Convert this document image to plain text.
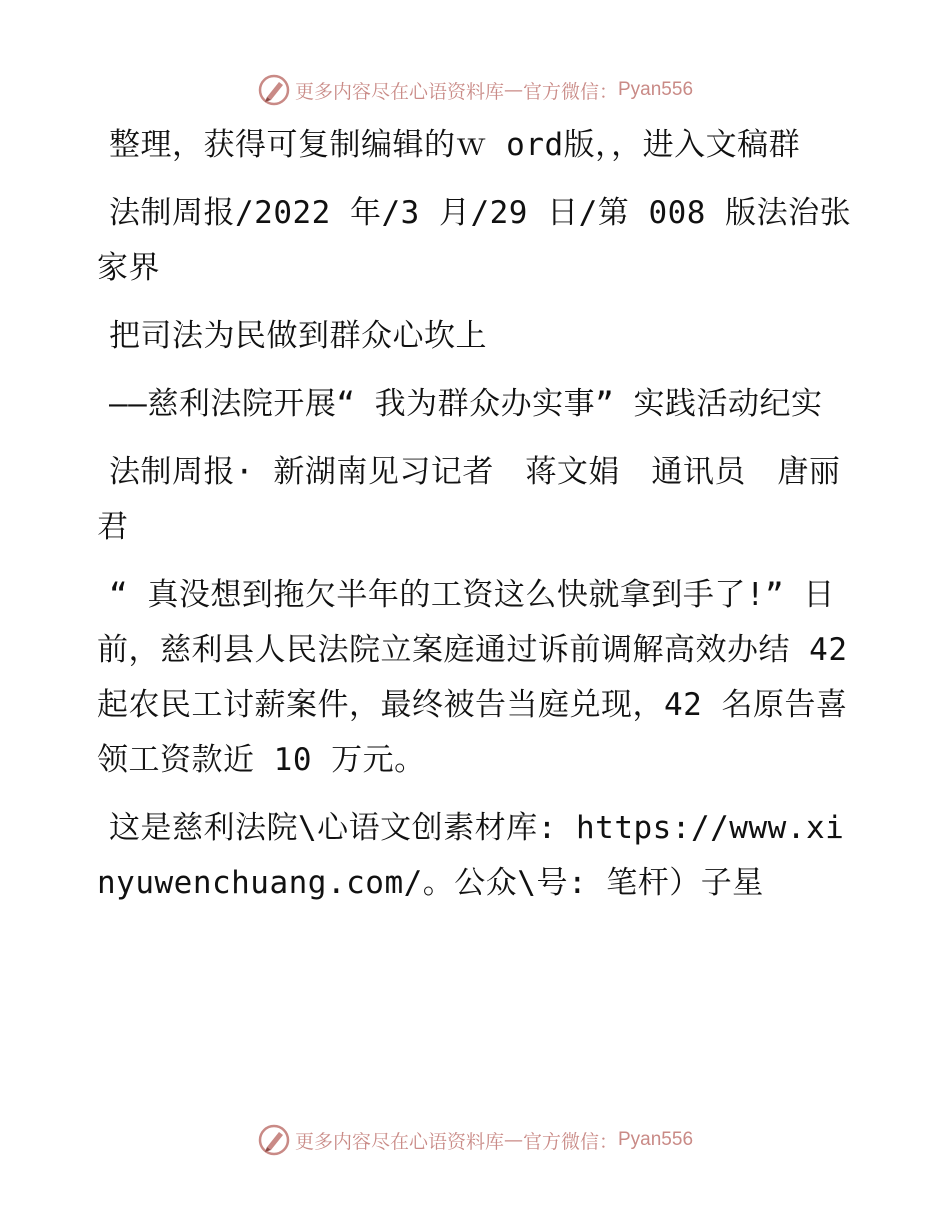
更多内容尽在心语资料库 — 官方微信： Pyan556

整理，获得可复制编辑的ｗ ord版，，进入文稿群

法制周报/2022 年/3 月/29 日/第 008 版法治张家界

把司法为民做到群众心坎上

——慈利法院开展“ 我为群众办实事” 实践活动纪实

法制周报· 新湖南见习记者　蒋文娟　通讯员　唐丽君

“ 真没想到拖欠半年的工资这么快就拿到手了!” 日前，慈利县人民法院立案庭通过诉前调解高效办结 42 起农民工讨薪案件，最终被告当庭兑现，42 名原告喜领工资款近 10 万元。

这是慈利法院\心语文创素材库: https://www.xinyuwenchuang.com/。公众\号: 笔杆）子星

更多内容尽在心语资料库 — 官方微信： Pyan556
